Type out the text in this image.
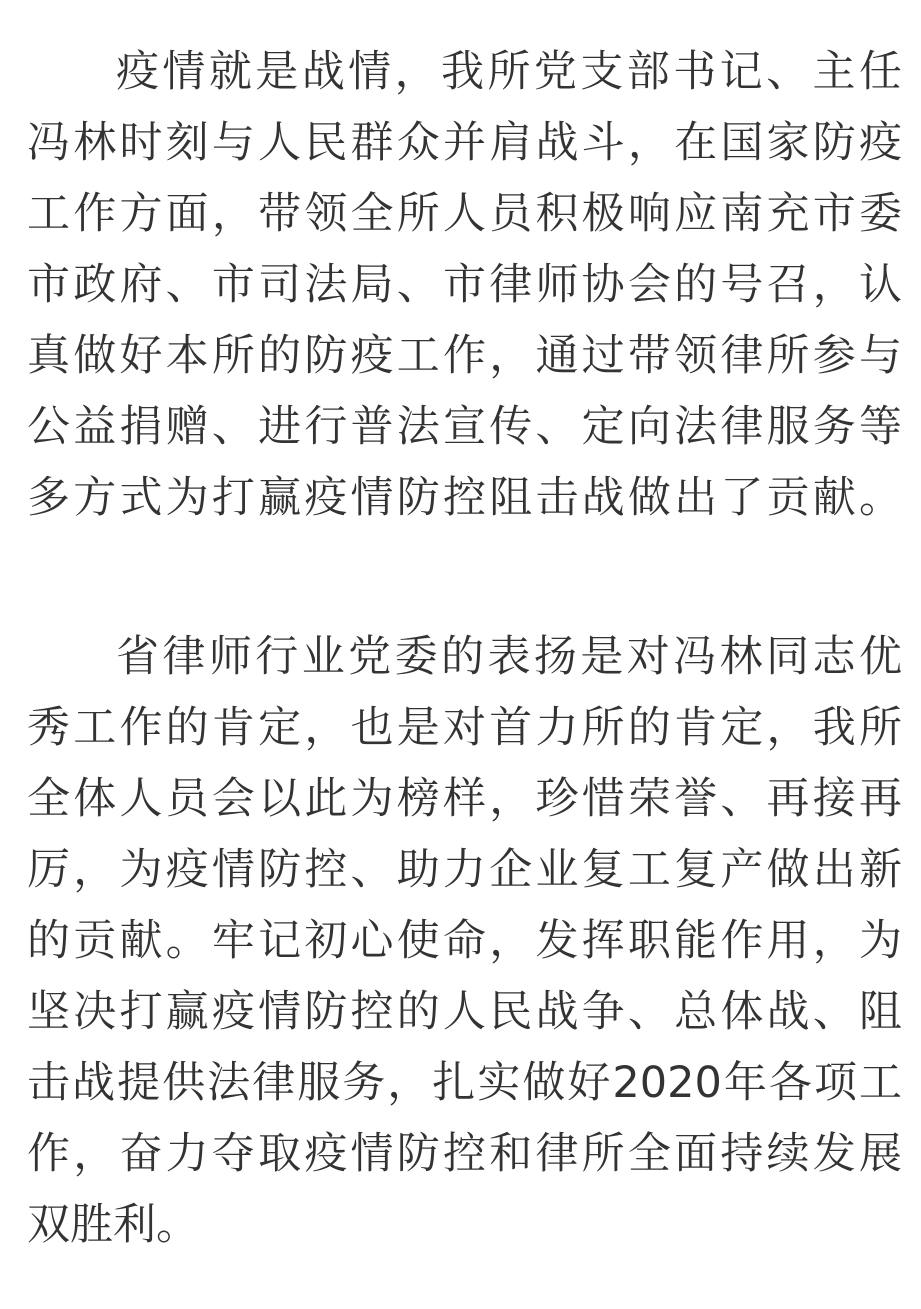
疫情就是战情，我所党支部书记、主任
冯林时刻与人民群众并肩战斗，在国家防疫
工作方面，带领全所人员积极响应南充市委
市政府、市司法局、市律师协会的号召，认
真做好本所的防疫工作，通过带领律所参与
公益捐赠、进行普法宣传、定向法律服务等
多方式为打赢疫情防控阻击战做出了贡献。
省律师行业党委的表扬是对冯林同志优
秀工作的肯定，也是对首力所的肯定，我所
全体人员会以此为榜样，珍惜荣誉、再接再
厉，为疫情防控、助力企业复工复产做出新
的贡献。牢记初心使命，发挥职能作用，为
坚决打赢疫情防控的人民战争、总体战、阻
击战提供法律服务，扎实做好2020年各项工
作，奋力夺取疫情防控和律所全面持续发展
双胜利。
